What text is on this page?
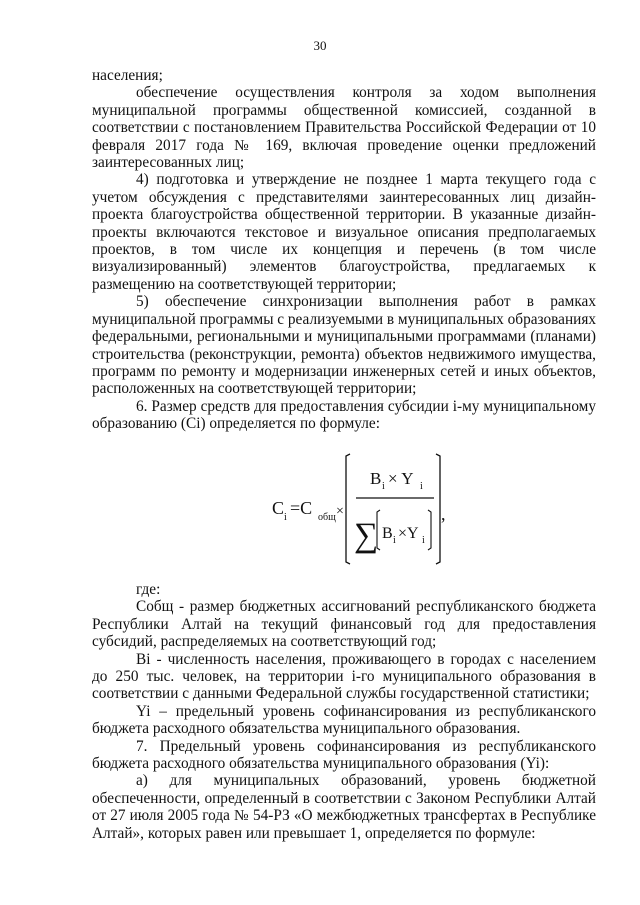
30

населения;

обеспечение осуществления контроля за ходом выполнения муниципальной программы общественной комиссией, созданной в соответствии с постановлением Правительства Российской Федерации от 10 февраля 2017 года № 169, включая проведение оценки предложений заинтересованных лиц;

4) подготовка и утверждение не позднее 1 марта текущего года с учетом обсуждения с представителями заинтересованных лиц дизайн-проекта благоустройства общественной территории. В указанные дизайн-проекты включаются текстовое и визуальное описания предполагаемых проектов, в том числе их концепция и перечень (в том числе визуализированный) элементов благоустройства, предлагаемых к размещению на соответствующей территории;

5) обеспечение синхронизации выполнения работ в рамках муниципальной программы с реализуемыми в муниципальных образованиях федеральными, региональными и муниципальными программами (планами) строительства (реконструкции, ремонта) объектов недвижимого имущества, программ по ремонту и модернизации инженерных сетей и иных объектов, расположенных на соответствующей территории;

6. Размер средств для предоставления субсидии i-му муниципальному образованию (Ci) определяется по формуле:

C i =C общ ×
B i × Y i
∑ B i ×Y i
,

где:

Cобщ - размер бюджетных ассигнований республиканского бюджета Республики Алтай на текущий финансовый год для предоставления субсидий, распределяемых на соответствующий год;

Bi - численность населения, проживающего в городах с населением до 250 тыс. человек, на территории i-го муниципального образования в соответствии с данными Федеральной службы государственной статистики;

Yi – предельный уровень софинансирования из республиканского бюджета расходного обязательства муниципального образования.

7. Предельный уровень софинансирования из республиканского бюджета расходного обязательства муниципального образования (Yi):

а) для муниципальных образований, уровень бюджетной обеспеченности, определенный в соответствии с Законом Республики Алтай от 27 июля 2005 года № 54-РЗ «О межбюджетных трансфертах в Республике Алтай», которых равен или превышает 1, определяется по формуле:
